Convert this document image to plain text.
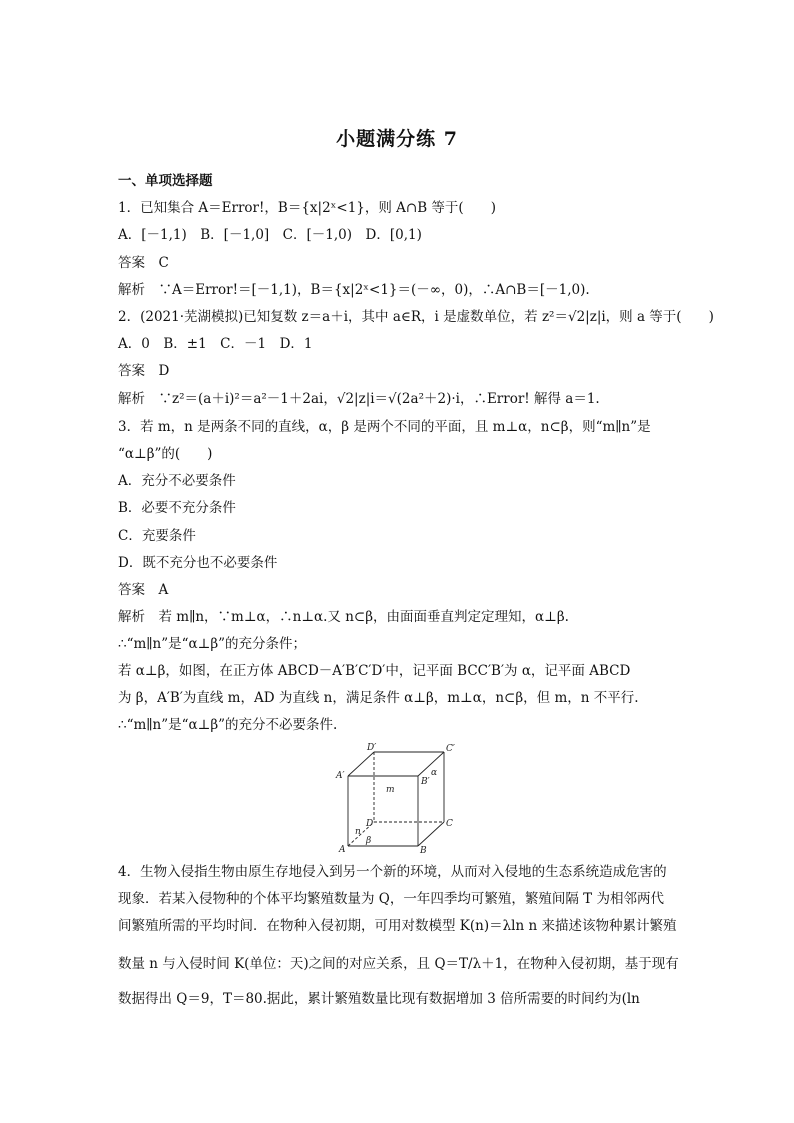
小题满分练 7
一、单项选择题
1．已知集合 A＝Error!，B＝{x|2ˣ<1}，则 A∩B 等于(　　)
A．[－1,1)　B．[－1,0]　C．[－1,0)　D．[0,1)
答案　C
解析　∵A＝Error!＝[－1,1)，B＝{x|2ˣ<1}＝(－∞，0)，∴A∩B＝[－1,0).
2．(2021·芜湖模拟)已知复数 z＝a＋i，其中 a∈R，i 是虚数单位，若 z²＝√2|z|i，则 a 等于(　　)
A．0　B．±1　C．－1　D．1
答案　D
解析　∵z²＝(a＋i)²＝a²－1＋2ai，√2|z|i＝√(2a²＋2)·i，∴Error! 解得 a＝1.
3．若 m，n 是两条不同的直线，α，β 是两个不同的平面，且 m⊥α，n⊂β，则“m∥n”是
“α⊥β”的(　　)
A．充分不必要条件
B．必要不充分条件
C．充要条件
D．既不充分也不必要条件
答案　A
解析　若 m∥n，∵m⊥α，∴n⊥α.又 n⊂β，由面面垂直判定定理知，α⊥β.
∴“m∥n”是“α⊥β”的充分条件；
若 α⊥β，如图，在正方体 ABCD－A′B′C′D′中，记平面 BCC′B′为 α，记平面 ABCD
为 β，A′B′为直线 m，AD 为直线 n，满足条件 α⊥β，m⊥α，n⊂β，但 m，n 不平行.
∴“m∥n”是“α⊥β”的充分不必要条件.
D′	C′
A′
B′
D	C
A	B
m
n
α
β
4．生物入侵指生物由原生存地侵入到另一个新的环境，从而对入侵地的生态系统造成危害的
现象．若某入侵物种的个体平均繁殖数量为 Q，一年四季均可繁殖，繁殖间隔 T 为相邻两代
间繁殖所需的平均时间．在物种入侵初期，可用对数模型 K(n)＝λln n 来描述该物种累计繁殖
数量 n 与入侵时间 K(单位：天)之间的对应关系，且 Q＝T/λ＋1，在物种入侵初期，基于现有
数据得出 Q＝9，T＝80.据此，累计繁殖数量比现有数据增加 3 倍所需要的时间约为(ln
